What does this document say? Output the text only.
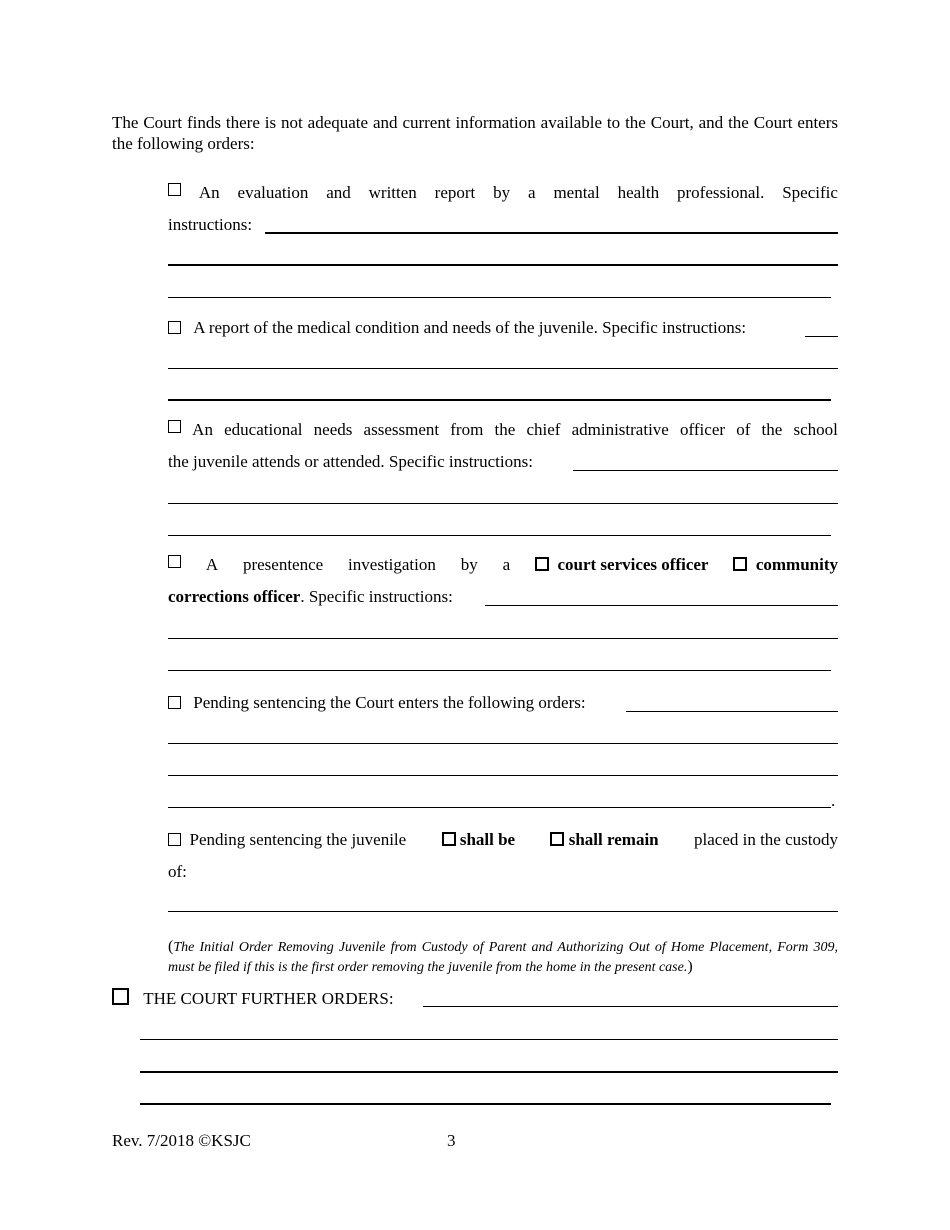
The Court finds there is not adequate and current information available to the Court, and the Court enters the following orders:
An evaluation and written report by a mental health professional. Specific
instructions:
A report of the medical condition and needs of the juvenile. Specific instructions:
An educational needs assessment from the chief administrative officer of the school
the juvenile attends or attended. Specific instructions:
A presentence investigation by a	court services officer	community
corrections officer. Specific instructions:
Pending sentencing the Court enters the following orders:
.
Pending sentencing the juvenile	shall be	shall remain placed in the custody
of:
(The Initial Order Removing Juvenile from Custody of Parent and Authorizing Out of Home Placement, Form 309, must be filed if this is the first order removing the juvenile from the home in the present case.)
THE COURT FURTHER ORDERS:
Rev. 7/2018 ©KSJC	3
